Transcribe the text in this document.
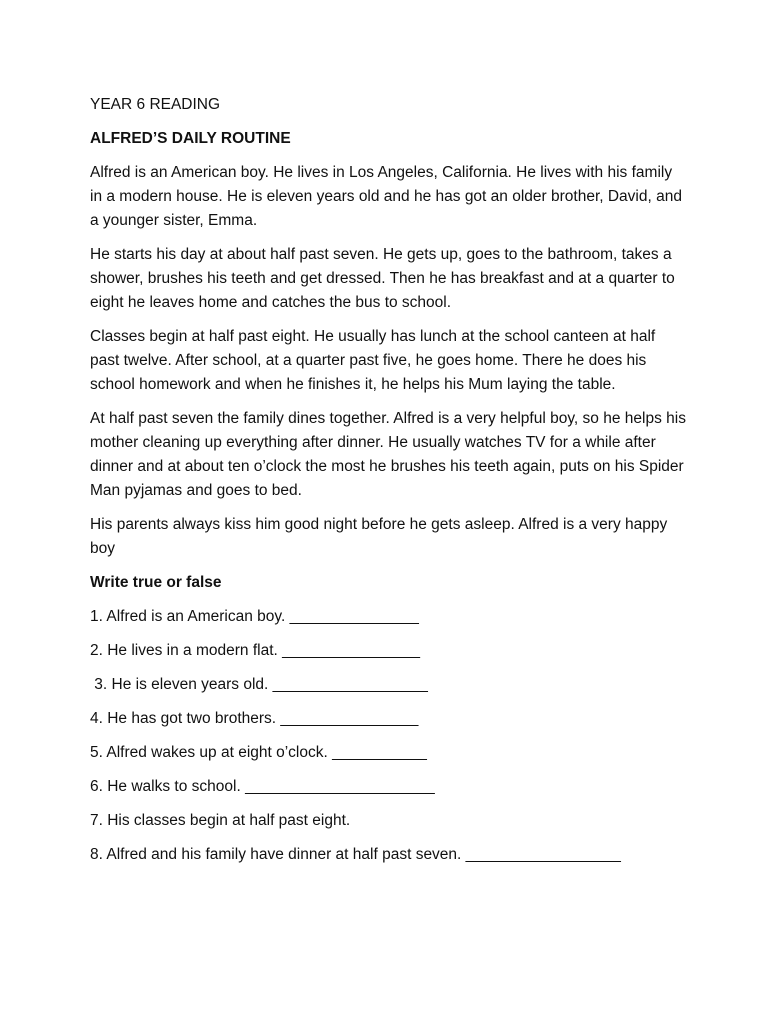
YEAR 6 READING
ALFRED’S DAILY ROUTINE
Alfred is an American boy. He lives in Los Angeles, California. He lives with his family in a modern house. He is eleven years old and he has got an older brother, David, and a younger sister, Emma.
He starts his day at about half past seven. He gets up, goes to the bathroom, takes a shower, brushes his teeth and get dressed. Then he has breakfast and at a quarter to eight he leaves home and catches the bus to school.
Classes begin at half past eight. He usually has lunch at the school canteen at half past twelve. After school, at a quarter past five, he goes home. There he does his school homework and when he finishes it, he helps his Mum laying the table.
At half past seven the family dines together. Alfred is a very helpful boy, so he helps his mother cleaning up everything after dinner. He usually watches TV for a while after dinner and at about ten o’clock the most he brushes his teeth again, puts on his Spider Man pyjamas and goes to bed.
His parents always kiss him good night before he gets asleep. Alfred is a very happy boy
Write true or false
1. Alfred is an American boy. _______________
2. He lives in a modern flat. ________________
3. He is eleven years old. __________________
4. He has got two brothers. ________________
5. Alfred wakes up at eight o’clock. ___________
6. He walks to school. ______________________
7. His classes begin at half past eight.
8. Alfred and his family have dinner at half past seven. __________________
